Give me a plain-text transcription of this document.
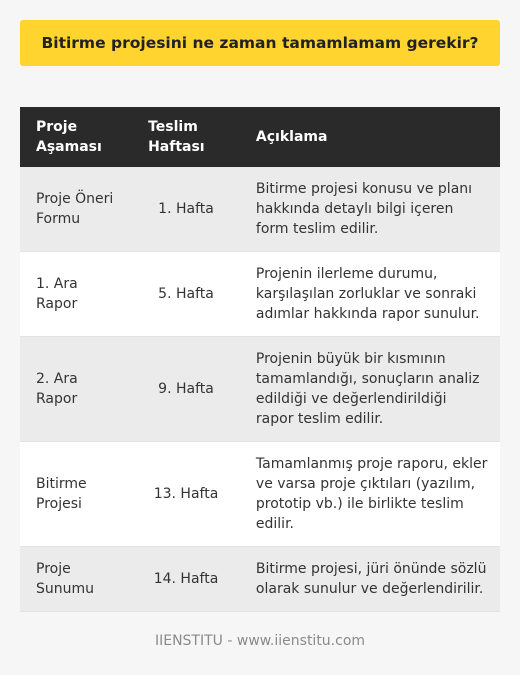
Bitirme projesini ne zaman tamamlamam gerekir?
Proje Aşaması	Teslim Haftası	Açıklama
Proje Öneri Formu	1. Hafta	Bitirme projesi konusu ve planı hakkında detaylı bilgi içeren form teslim edilir.
1. Ara Rapor	5. Hafta	Projenin ilerleme durumu, karşılaşılan zorluklar ve sonraki adımlar hakkında rapor sunulur.
2. Ara Rapor	9. Hafta	Projenin büyük bir kısmının tamamlandığı, sonuçların analiz edildiği ve değerlendirildiği rapor teslim edilir.
Bitirme Projesi	13. Hafta	Tamamlanmış proje raporu, ekler ve varsa proje çıktıları (yazılım, prototip vb.) ile birlikte teslim edilir.
Proje Sunumu	14. Hafta	Bitirme projesi, jüri önünde sözlü olarak sunulur ve değerlendirilir.
IIENSTITU - www.iienstitu.com
